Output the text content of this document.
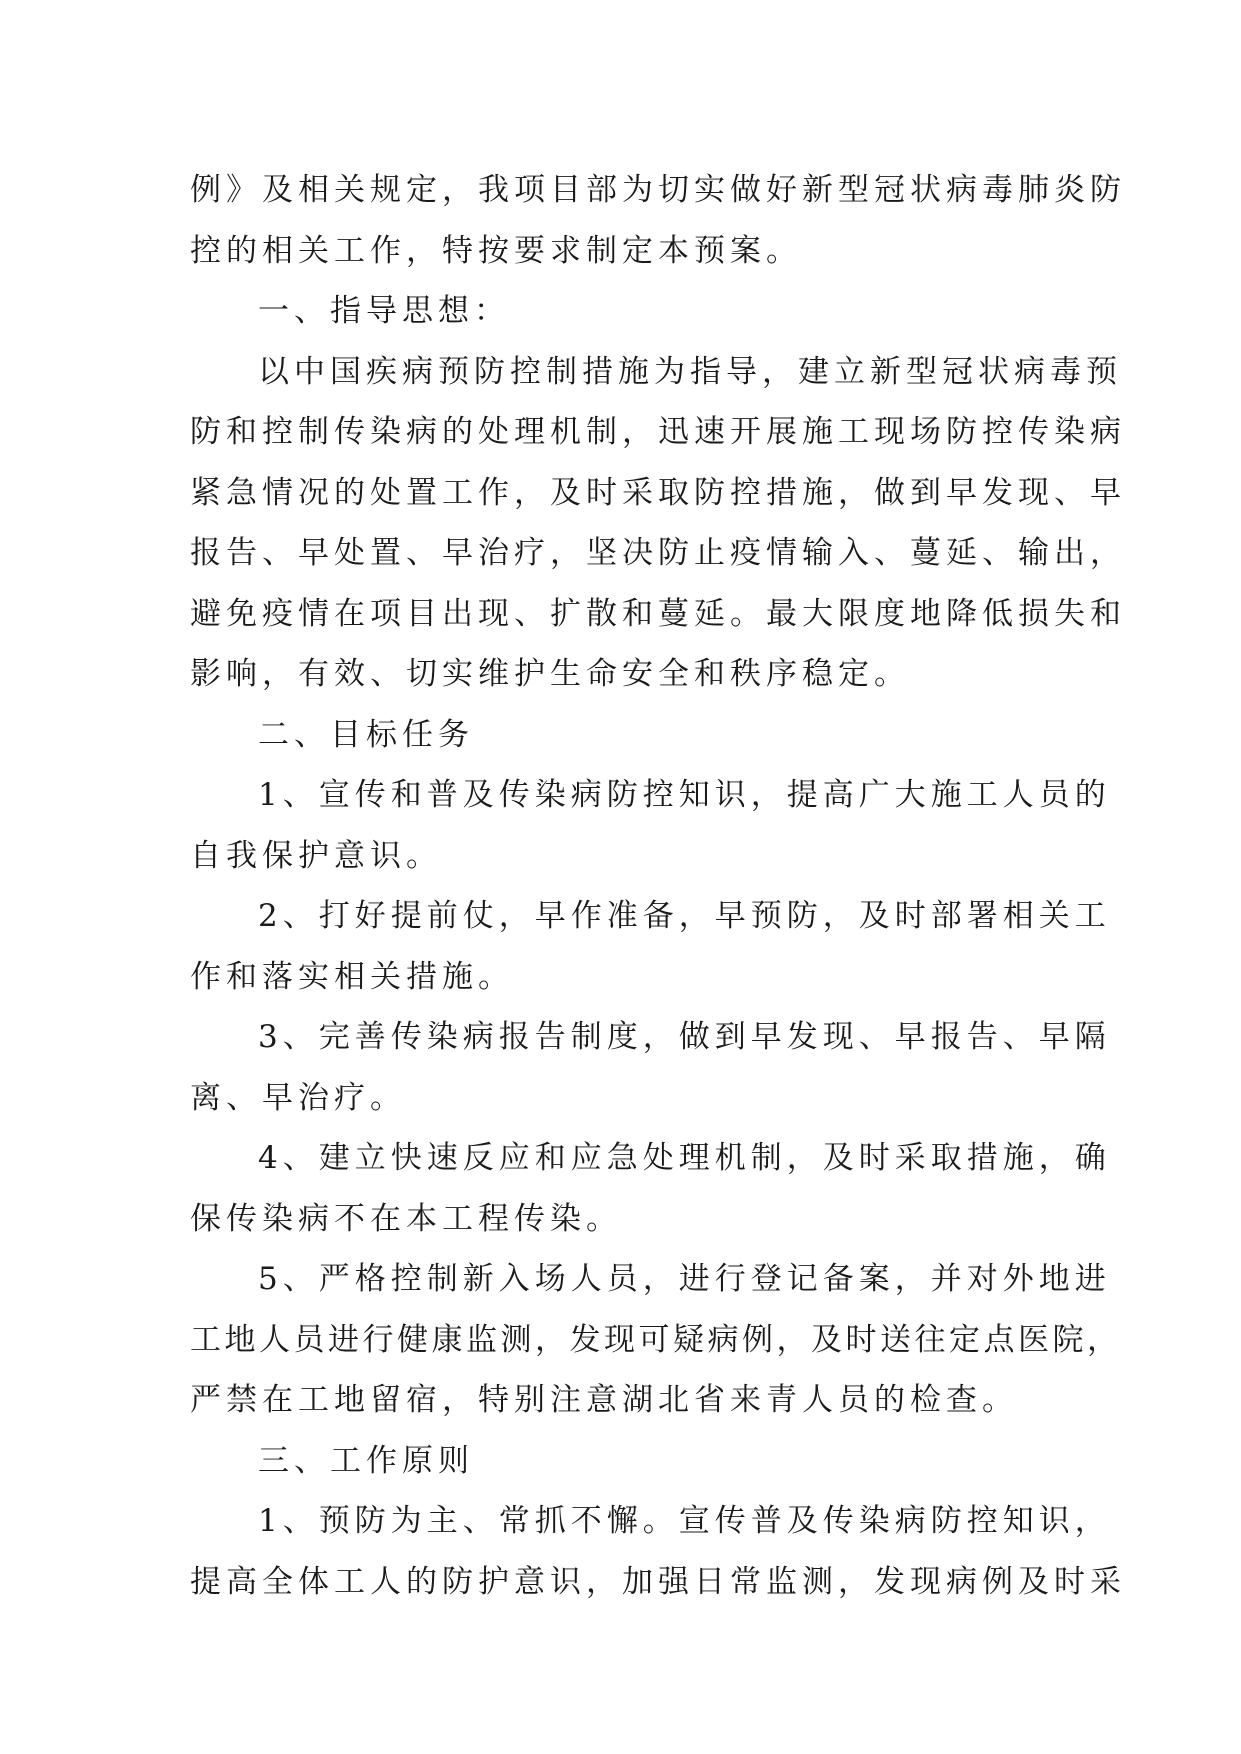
例》及相关规定，我项目部为切实做好新型冠状病毒肺炎防
控的相关工作，特按要求制定本预案。
一、指导思想：
以中国疾病预防控制措施为指导，建立新型冠状病毒预
防和控制传染病的处理机制，迅速开展施工现场防控传染病
紧急情况的处置工作，及时采取防控措施，做到早发现、早
报告、早处置、早治疗，坚决防止疫情输入、蔓延、输出，
避免疫情在项目出现、扩散和蔓延。最大限度地降低损失和
影响，有效、切实维护生命安全和秩序稳定。
二、目标任务
1、宣传和普及传染病防控知识，提高广大施工人员的
自我保护意识。
2、打好提前仗，早作准备，早预防，及时部署相关工
作和落实相关措施。
3、完善传染病报告制度，做到早发现、早报告、早隔
离、早治疗。
4、建立快速反应和应急处理机制，及时采取措施，确
保传染病不在本工程传染。
5、严格控制新入场人员，进行登记备案，并对外地进
工地人员进行健康监测，发现可疑病例，及时送往定点医院，
严禁在工地留宿，特别注意湖北省来青人员的检查。
三、工作原则
1、预防为主、常抓不懈。宣传普及传染病防控知识，
提高全体工人的防护意识，加强日常监测，发现病例及时采
